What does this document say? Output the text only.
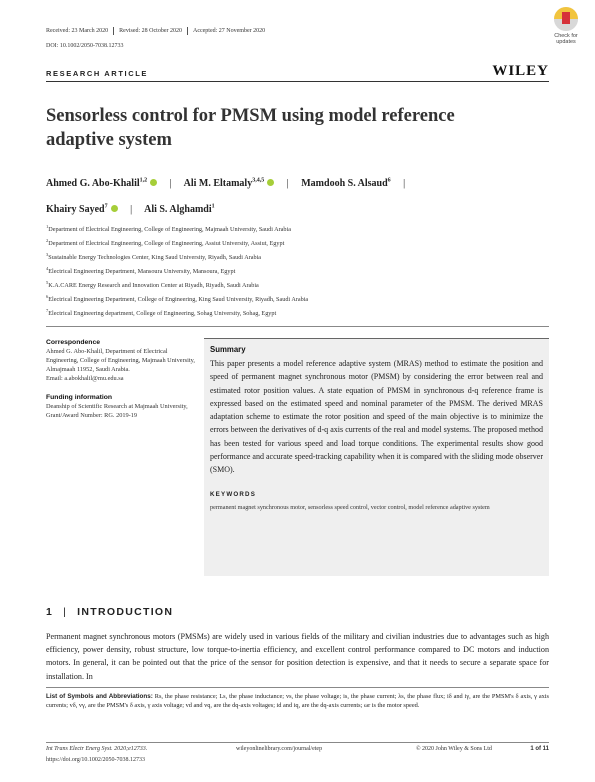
Received: 23 March 2020	Revised: 28 October 2020	Accepted: 27 November 2020
DOI: 10.1002/2050-7038.12733
Check for
updates
RESEARCH ARTICLE	WILEY
Sensorless control for PMSM using model reference adaptive system
Ahmed G. Abo-Khalil$^{1,2}$ | Ali M. Eltamaly$^{3,4,5}$ | Mamdooh S. Alsaud$^6$ |
Khairy Sayed$^7$ | Ali S. Alghamdi$^1$
$^1$Department of Electrical Engineering, College of Engineering, Majmaah University, Saudi Arabia
$^2$Department of Electrical Engineering, College of Engineering, Assiut University, Assiut, Egypt
$^3$Sustainable Energy Technologies Center, King Saud University, Riyadh, Saudi Arabia
$^4$Electrical Engineering Department, Mansoura University, Mansoura, Egypt
$^5$K.A.CARE Energy Research and Innovation Center at Riyadh, Riyadh, Saudi Arabia
$^6$Electrical Engineering Department, College of Engineering, King Saud University, Riyadh, Saudi Arabia
$^7$Electrical Engineering department, College of Engineering, Sohag University, Sohag, Egypt
Correspondence
Ahmed G. Abo-Khalil, Department of Electrical Engineering, College of Engineering, Majmaah University, Almajmaah 11952, Saudi Arabia.
Email: a.abokhalil@mu.edu.sa
Funding information
Deanship of Scientific Research at Majmaah University, Grant/Award Number: RG. 2019-19
Summary
This paper presents a model reference adaptive system (MRAS) method to estimate the position and speed of permanent magnet synchronous motor (PMSM) by considering the error between real and estimated rotor position values. A state equation of PMSM in synchronous d-q reference frame is expressed based on the estimated speed and nominal parameter of the PMSM. The derived MRAS adaptation scheme to estimate the rotor position and speed of the main objective is to minimize the errors between the derivatives of d-q axis currents of the real and model systems. The proposed method has been tested for various speed and load torque conditions. The experimental results show good performance and accurate speed-tracking capability when it is compared with the sliding mode observer (SMO).
KEYWORDS
permanent magnet synchronous motor, sensorless speed control, vector control, model reference adaptive system
1 | INTRODUCTION
Permanent magnet synchronous motors (PMSMs) are widely used in various fields of the military and civilian industries due to advantages such as high efficiency, power density, robust structure, low torque-to-inertia efficiency, and excellent control performance compared to DC motors and induction motors. In general, it can be pointed out that the price of the sensor for position detection is expensive, and that it needs to secure a separate space for installation. In
List of Symbols and Abbreviations: Rs, the phase resistance; Ls, the phase inductance; vs, the phase voltage; is, the phase current; λs, the phase flux; iδ and iγ, are the PMSM's δ axis, γ axis currents; vδ, vγ, are the PMSM's δ axis, γ axis voltage; vd and vq, are the dq-axis voltages; id and iq, are the dq-axis currents; ωr is the motor speed.
Int Trans Electr Energ Syst. 2020;e12733.
https://doi.org/10.1002/2050-7038.12733
wileyonlinelibrary.com/journal/etep	© 2020 John Wiley & Sons Ltd	1 of 11
